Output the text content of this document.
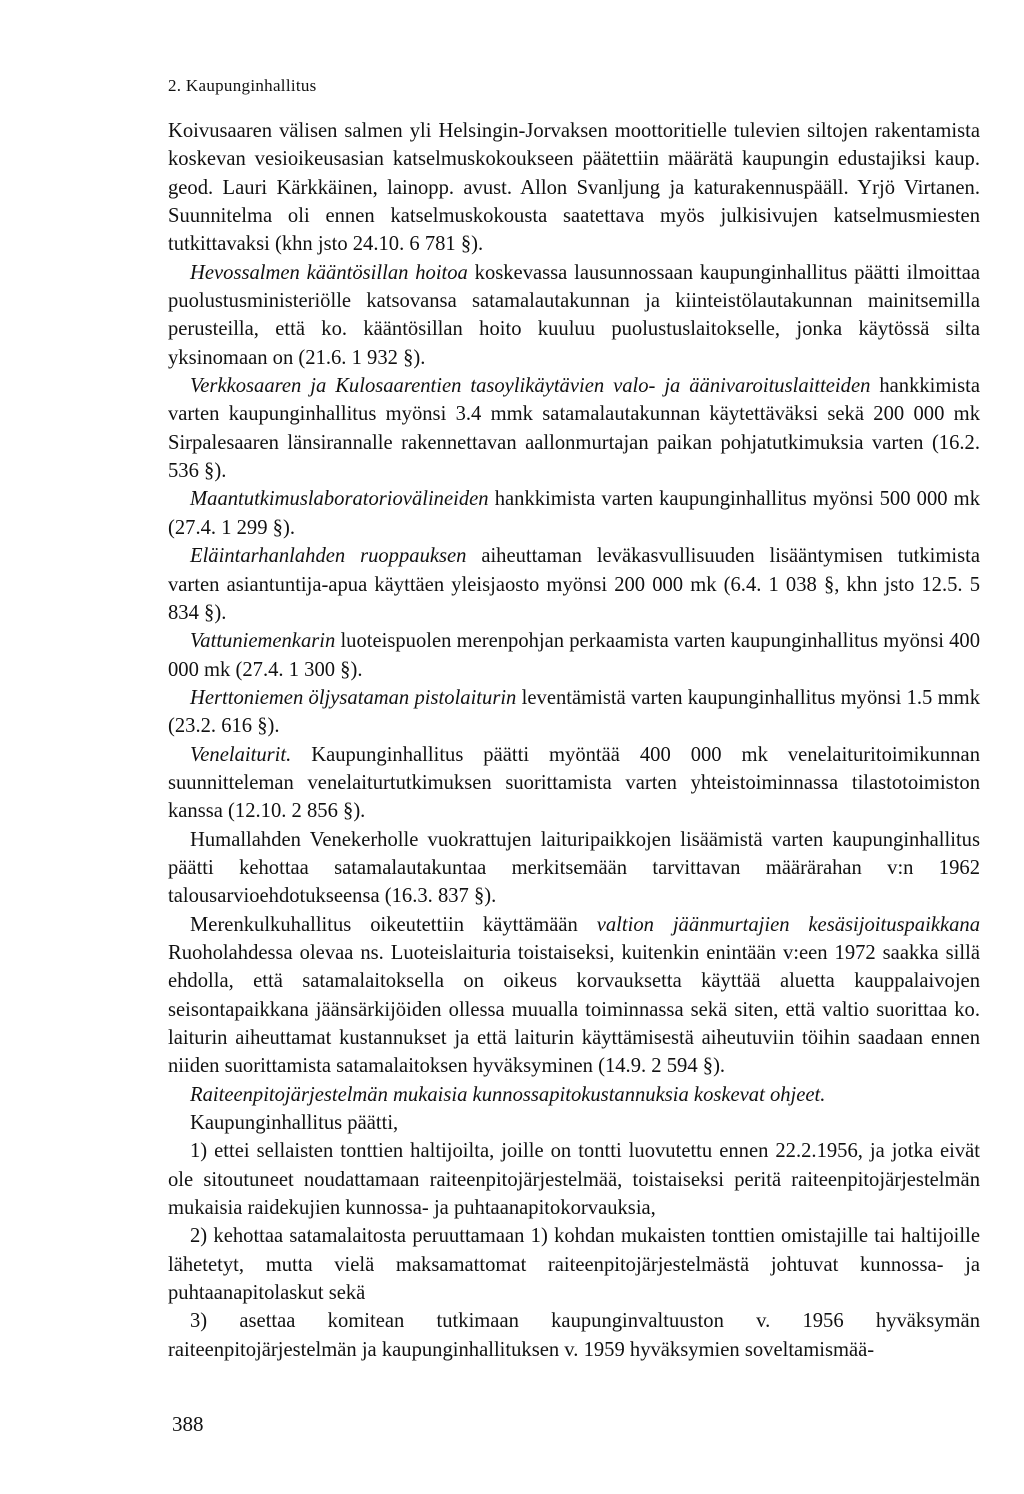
2. Kaupunginhallitus

Koivusaaren välisen salmen yli Helsingin-Jorvaksen moottoritielle tulevien siltojen rakentamista koskevan vesioikeusasian katselmuskokoukseen päätettiin määrätä kaupungin edustajiksi kaup. geod. Lauri Kärkkäinen, lainopp. avust. Allon Svanljung ja katurakennuspääll. Yrjö Virtanen. Suunnitelma oli ennen katselmuskokousta saatettava myös julkisivujen katselmusmiesten tutkittavaksi (khn jsto 24.10. 6 781 §).

Hevossalmen kääntösillan hoitoa koskevassa lausunnossaan kaupunginhallitus päätti ilmoittaa puolustusministeriölle katsovansa satamalautakunnan ja kiinteistölautakunnan mainitsemilla perusteilla, että ko. kääntösillan hoito kuuluu puolustuslaitokselle, jonka käytössä silta yksinomaan on (21.6. 1 932 §).

Verkkosaaren ja Kulosaarentien tasoylikäytävien valo- ja äänivaroituslaitteiden hankkimista varten kaupunginhallitus myönsi 3.4 mmk satamalautakunnan käytettäväksi sekä 200 000 mk Sirpalesaaren länsirannalle rakennettavan aallonmurtajan paikan pohjatutkimuksia varten (16.2. 536 §).

Maantutkimuslaboratoriovälineiden hankkimista varten kaupunginhallitus myönsi 500 000 mk (27.4. 1 299 §).

Eläintarhanlahden ruoppauksen aiheuttaman leväkasvullisuuden lisääntymisen tutkimista varten asiantuntija-apua käyttäen yleisjaosto myönsi 200 000 mk (6.4. 1 038 §, khn jsto 12.5. 5 834 §).

Vattuniemenkarin luoteispuolen merenpohjan perkaamista varten kaupunginhallitus myönsi 400 000 mk (27.4. 1 300 §).

Herttoniemen öljysataman pistolaiturin leventämistä varten kaupunginhallitus myönsi 1.5 mmk (23.2. 616 §).

Venelaiturit. Kaupunginhallitus päätti myöntää 400 000 mk venelaituritoimikunnan suunnitteleman venelaiturtutkimuksen suorittamista varten yhteistoiminnassa tilastotoimiston kanssa (12.10. 2 856 §).

Humallahden Venekerholle vuokrattujen laituripaikkojen lisäämistä varten kaupunginhallitus päätti kehottaa satamalautakuntaa merkitsemään tarvittavan määrärahan v:n 1962 talousarvioehdotukseensa (16.3. 837 §).

Merenkulkuhallitus oikeutettiin käyttämään valtion jäänmurtajien kesäsijoituspaikkana Ruoholahdessa olevaa ns. Luoteislaituria toistaiseksi, kuitenkin enintään v:een 1972 saakka sillä ehdolla, että satamalaitoksella on oikeus korvauksetta käyttää aluetta kauppalaivojen seisontapaikkana jäänsärkijöiden ollessa muualla toiminnassa sekä siten, että valtio suorittaa ko. laiturin aiheuttamat kustannukset ja että laiturin käyttämisestä aiheutuviin töihin saadaan ennen niiden suorittamista satamalaitoksen hyväksyminen (14.9. 2 594 §).

Raiteenpitojärjestelmän mukaisia kunnossapitokustannuksia koskevat ohjeet.

Kaupunginhallitus päätti,

1) ettei sellaisten tonttien haltijoilta, joille on tontti luovutettu ennen 22.2.1956, ja jotka eivät ole sitoutuneet noudattamaan raiteenpitojärjestelmää, toistaiseksi peritä raiteenpitojärjestelmän mukaisia raidekujien kunnossa- ja puhtaanapitokorvauksia,

2) kehottaa satamalaitosta peruuttamaan 1) kohdan mukaisten tonttien omistajille tai haltijoille lähetetyt, mutta vielä maksamattomat raiteenpitojärjestelmästä johtuvat kunnossa- ja puhtaanapitolaskut sekä

3) asettaa komitean tutkimaan kaupunginvaltuuston v. 1956 hyväksymän raiteenpitojärjestelmän ja kaupunginhallituksen v. 1959 hyväksymien soveltamismää-

388
